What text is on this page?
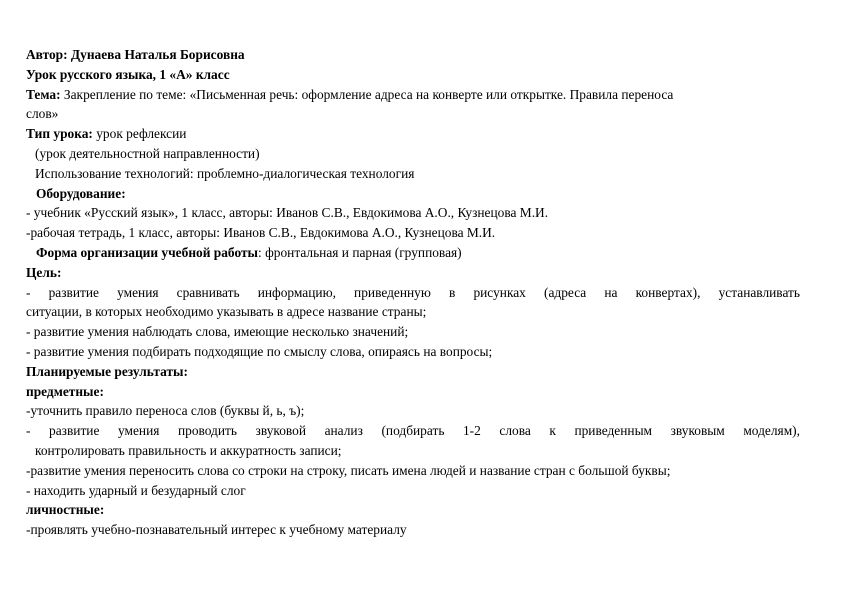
Автор: Дунаева Наталья Борисовна
Урок русского языка, 1 «А» класс
Тема: Закрепление по теме: «Письменная речь: оформление адреса на конверте или открытке. Правила переноса
слов»
Тип урока: урок рефлексии
(урок деятельностной направленности)
Использование технологий: проблемно-диалогическая технология
Оборудование:
- учебник «Русский язык», 1 класс, авторы: Иванов С.В., Евдокимова А.О., Кузнецова М.И.
-рабочая тетрадь, 1 класс, авторы: Иванов С.В., Евдокимова А.О., Кузнецова М.И.
Форма организации учебной работы: фронтальная и парная (групповая)
Цель:
- развитие умения сравнивать информацию, приведенную в рисунках (адреса на конвертах), устанавливать
ситуации, в которых необходимо указывать в адресе название страны;
- развитие умения наблюдать слова, имеющие несколько значений;
- развитие умения подбирать подходящие по смыслу слова, опираясь на вопросы;
Планируемые результаты:
предметные:
-уточнить правило переноса слов (буквы й, ь, ъ);
- развитие умения проводить звуковой анализ (подбирать 1-2 слова к приведенным звуковым моделям),
контролировать правильность и аккуратность записи;
-развитие умения переносить слова со строки на строку, писать имена людей и название стран с большой буквы;
- находить ударный и безударный слог
личностные:
-проявлять учебно-познавательный интерес к учебному материалу
